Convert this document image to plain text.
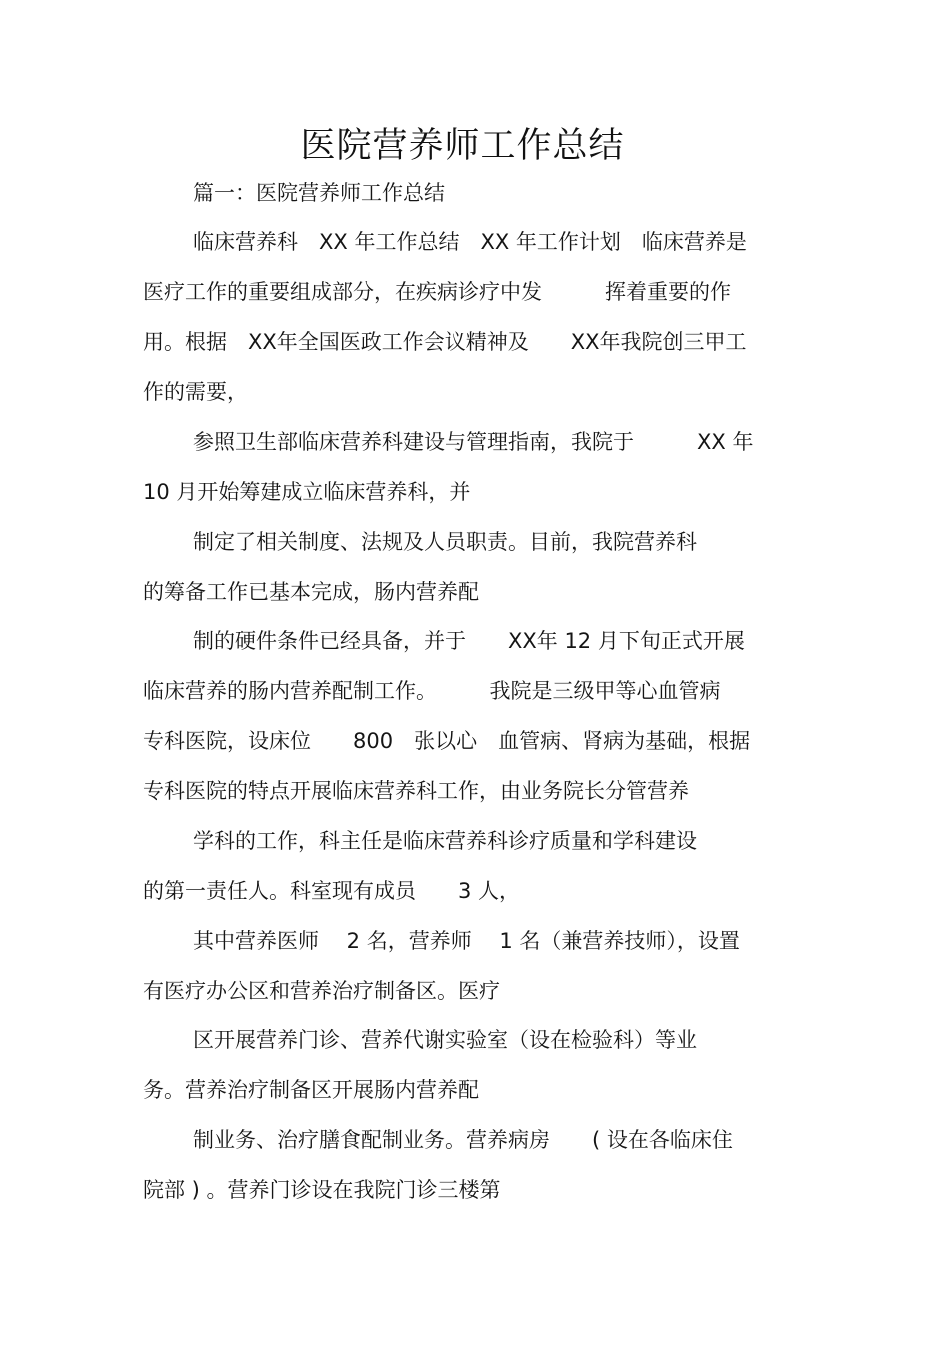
医院营养师工作总结
篇一：医院营养师工作总结
临床营养科　XX 年工作总结　XX 年工作计划　临床营养是
医疗工作的重要组成部分，在疾病诊疗中发　　　挥着重要的作
用。根据　XX年全国医政工作会议精神及　　XX年我院创三甲工
作的需要，
参照卫生部临床营养科建设与管理指南，我院于　　　XX 年
10 月开始筹建成立临床营养科，并
制定了相关制度、法规及人员职责。目前，我院营养科
的筹备工作已基本完成，肠内营养配
制的硬件条件已经具备，并于　　XX年 12 月下旬正式开展
临床营养的肠内营养配制工作。　　　我院是三级甲等心血管病
专科医院，设床位　　800　张以心　血管病、肾病为基础，根据
专科医院的特点开展临床营养科工作，由业务院长分管营养
学科的工作，科主任是临床营养科诊疗质量和学科建设
的第一责任人。科室现有成员　　3 人，
其中营养医师　 2 名，营养师　 1 名（兼营养技师），设置
有医疗办公区和营养治疗制备区。医疗
区开展营养门诊、营养代谢实验室（设在检验科）等业
务。营养治疗制备区开展肠内营养配
制业务、治疗膳食配制业务。营养病房　　( 设在各临床住
院部 ) 。营养门诊设在我院门诊三楼第
